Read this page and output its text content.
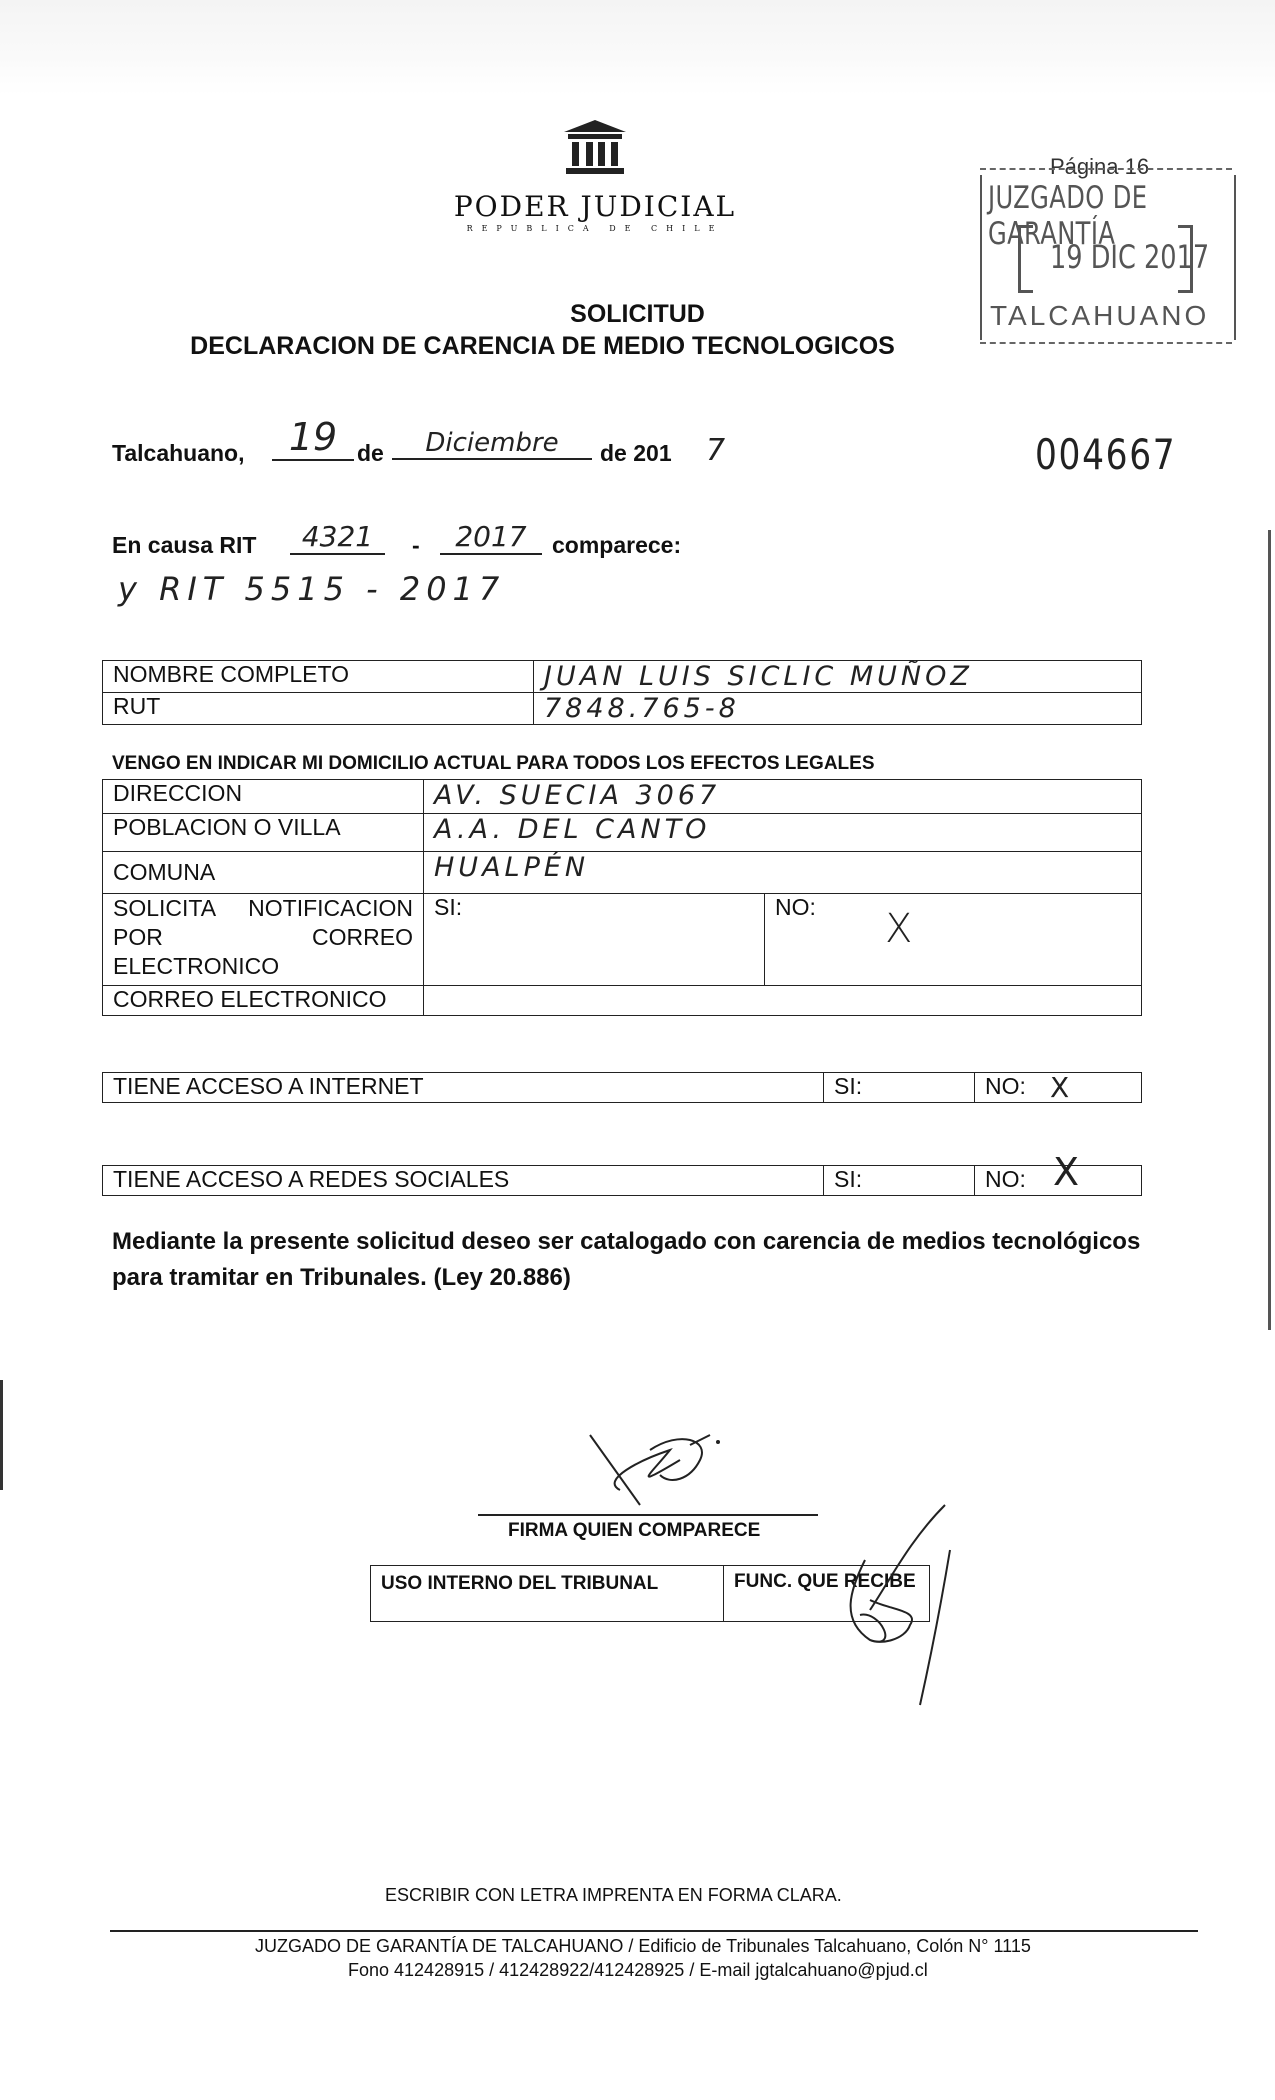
PODER JUDICIAL
REPUBLICA DE CHILE
Página 16
JUZGADO DE GARANTÍA
19 DIC 2017
TALCAHUANO
SOLICITUD
DECLARACION DE CARENCIA DE MEDIO TECNOLOGICOS
004667
Talcahuano,	19 de	Diciembre	de 201 7
En causa RIT	4321	-	2017	comparece:
y RIT 5515 - 2017
NOMBRE COMPLETO	JUAN LUIS SICLIC MUÑOZ
RUT	7848.765-8
VENGO EN INDICAR MI DOMICILIO ACTUAL PARA TODOS LOS EFECTOS LEGALES
DIRECCION	AV. SUECIA 3067	
POBLACION O VILLA	A.A. DEL CANTO	
COMUNA	HUALPÉN	
SOLICITA NOTIFICACION POR CORREO ELECTRONICO	SI:	NO: X

CORREO ELECTRONICO		
TIENE ACCESO A INTERNET	SI:	NO: X
TIENE ACCESO A REDES SOCIALES	SI:	NO: X
Mediante la presente solicitud deseo ser catalogado con carencia de medios tecnológicos para tramitar en Tribunales. (Ley 20.886)
FIRMA QUIEN COMPARECE
USO INTERNO DEL TRIBUNAL	FUNC. QUE RECIBE
ESCRIBIR CON LETRA IMPRENTA EN FORMA CLARA.
JUZGADO DE GARANTÍA DE TALCAHUANO / Edificio de Tribunales Talcahuano, Colón N° 1115
Fono 412428915 / 412428922/412428925 / E-mail jgtalcahuano@pjud.cl
